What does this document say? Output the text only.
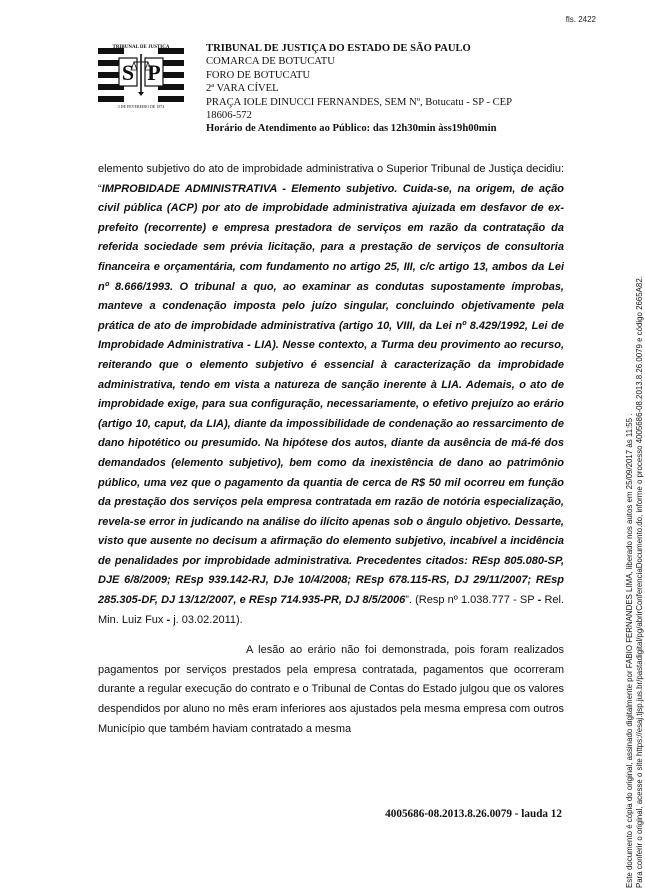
fls. 2422
TRIBUNAL DE JUSTIÇA
S P
3 DE FEVEREIRO DE 1874
TRIBUNAL DE JUSTIÇA DO ESTADO DE SÃO PAULO
COMARCA DE BOTUCATU
FORO DE BOTUCATU
2ª VARA CÍVEL
PRAÇA IOLE DINUCCI FERNANDES, SEM Nº, Botucatu - SP - CEP
18606-572
Horário de Atendimento ao Público: das 12h30min àss19h00min
elemento subjetivo do ato de improbidade administrativa o Superior Tribunal de Justiça decidiu: “IMPROBIDADE ADMINISTRATIVA - Elemento subjetivo. Cuida-se, na origem, de ação civil pública (ACP) por ato de improbidade administrativa ajuizada em desfavor de ex-prefeito (recorrente) e empresa prestadora de serviços em razão da contratação da referida sociedade sem prévia licitação, para a prestação de serviços de consultoria financeira e orçamentária, com fundamento no artigo 25, III, c/c artigo 13, ambos da Lei nº 8.666/1993. O tribunal a quo, ao examinar as condutas supostamente ímprobas, manteve a condenação imposta pelo juízo singular, concluindo objetivamente pela prática de ato de improbidade administrativa (artigo 10, VIII, da Lei nº 8.429/1992, Lei de Improbidade Administrativa - LIA). Nesse contexto, a Turma deu provimento ao recurso, reiterando que o elemento subjetivo é essencial à caracterização da improbidade administrativa, tendo em vista a natureza de sanção inerente à LIA. Ademais, o ato de improbidade exige, para sua configuração, necessariamente, o efetivo prejuízo ao erário (artigo 10, caput, da LIA), diante da impossibilidade de condenação ao ressarcimento de dano hipotético ou presumido. Na hipótese dos autos, diante da ausência de má-fé dos demandados (elemento subjetivo), bem como da inexistência de dano ao patrimônio público, uma vez que o pagamento da quantia de cerca de R$ 50 mil ocorreu em função da prestação dos serviços pela empresa contratada em razão de notória especialização, revela-se error in judicando na análise do ilícito apenas sob o ângulo objetivo. Dessarte, visto que ausente no decisum a afirmação do elemento subjetivo, incabível a incidência de penalidades por improbidade administrativa. Precedentes citados: REsp 805.080-SP, DJE 6/8/2009; REsp 939.142-RJ, DJe 10/4/2008; REsp 678.115-RS, DJ 29/11/2007; REsp 285.305-DF, DJ 13/12/2007, e REsp 714.935-PR, DJ 8/5/2006”. (Resp nº 1.038.777 - SP - Rel. Min. Luiz Fux - j. 03.02.2011).
A lesão ao erário não foi demonstrada, pois foram realizados pagamentos por serviços prestados pela empresa contratada, pagamentos que ocorreram durante a regular execução do contrato e o Tribunal de Contas do Estado julgou que os valores despendidos por aluno no mês eram inferiores aos ajustados pela mesma empresa com outros Município que também haviam contratado a mesma
4005686-08.2013.8.26.0079 - lauda 12	Este documento é cópia do original, assinado digitalmente por FABIO FERNANDES LIMA, liberado nos autos em 25/09/2017 às 11:55 . Para conferir o original, acesse o site https://esaj.tjsp.jus.br/pastadigital/pg/abrirConferenciaDocumento.do, informe o processo 4005686-08.2013.8.26.0079 e código 2665A82.
